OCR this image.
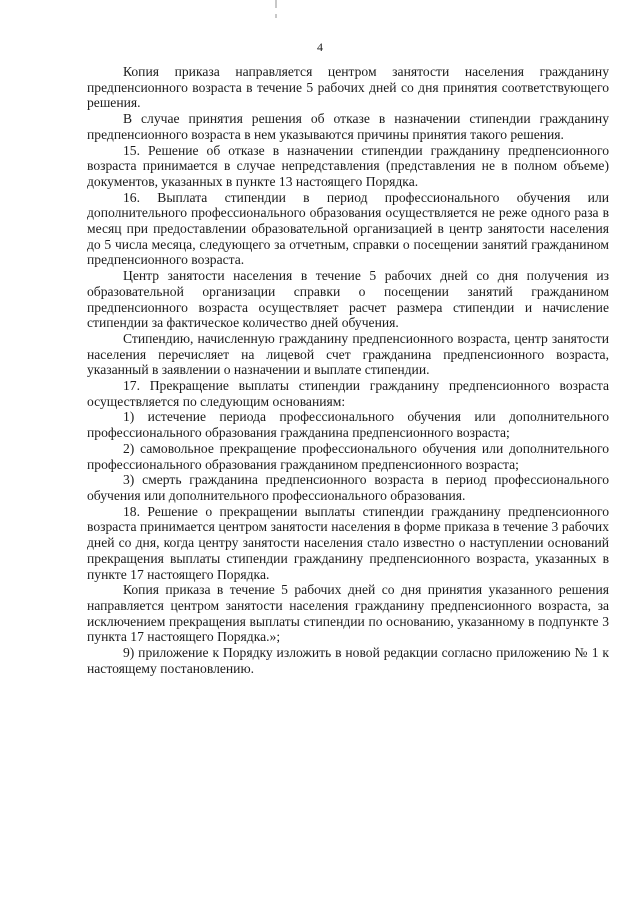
4

Копия приказа направляется центром занятости населения гражданину предпенсионного возраста в течение 5 рабочих дней со дня принятия соответствующего решения.

В случае принятия решения об отказе в назначении стипендии гражданину предпенсионного возраста в нем указываются причины принятия такого решения.

15. Решение об отказе в назначении стипендии гражданину предпенсионного возраста принимается в случае непредставления (представления не в полном объеме) документов, указанных в пункте 13 настоящего Порядка.

16. Выплата стипендии в период профессионального обучения или дополнительного профессионального образования осуществляется не реже одного раза в месяц при предоставлении образовательной организацией в центр занятости населения до 5 числа месяца, следующего за отчетным, справки о посещении занятий гражданином предпенсионного возраста.

Центр занятости населения в течение 5 рабочих дней со дня получения из образовательной организации справки о посещении занятий гражданином предпенсионного возраста осуществляет расчет размера стипендии и начисление стипендии за фактическое количество дней обучения.

Стипендию, начисленную гражданину предпенсионного возраста, центр занятости населения перечисляет на лицевой счет гражданина предпенсионного возраста, указанный в заявлении о назначении и выплате стипендии.

17. Прекращение выплаты стипендии гражданину предпенсионного возраста осуществляется по следующим основаниям:

1) истечение периода профессионального обучения или дополнительного профессионального образования гражданина предпенсионного возраста;

2) самовольное прекращение профессионального обучения или дополнительного профессионального образования гражданином предпенсионного возраста;

3) смерть гражданина предпенсионного возраста в период профессионального обучения или дополнительного профессионального образования.

18. Решение о прекращении выплаты стипендии гражданину предпенсионного возраста принимается центром занятости населения в форме приказа в течение 3 рабочих дней со дня, когда центру занятости населения стало известно о наступлении оснований прекращения выплаты стипендии гражданину предпенсионного возраста, указанных в пункте 17 настоящего Порядка.

Копия приказа в течение 5 рабочих дней со дня принятия указанного решения направляется центром занятости населения гражданину предпенсионного возраста, за исключением прекращения выплаты стипендии по основанию, указанному в подпункте 3 пункта 17 настоящего Порядка.»;

9) приложение к Порядку изложить в новой редакции согласно приложению № 1 к настоящему постановлению.
